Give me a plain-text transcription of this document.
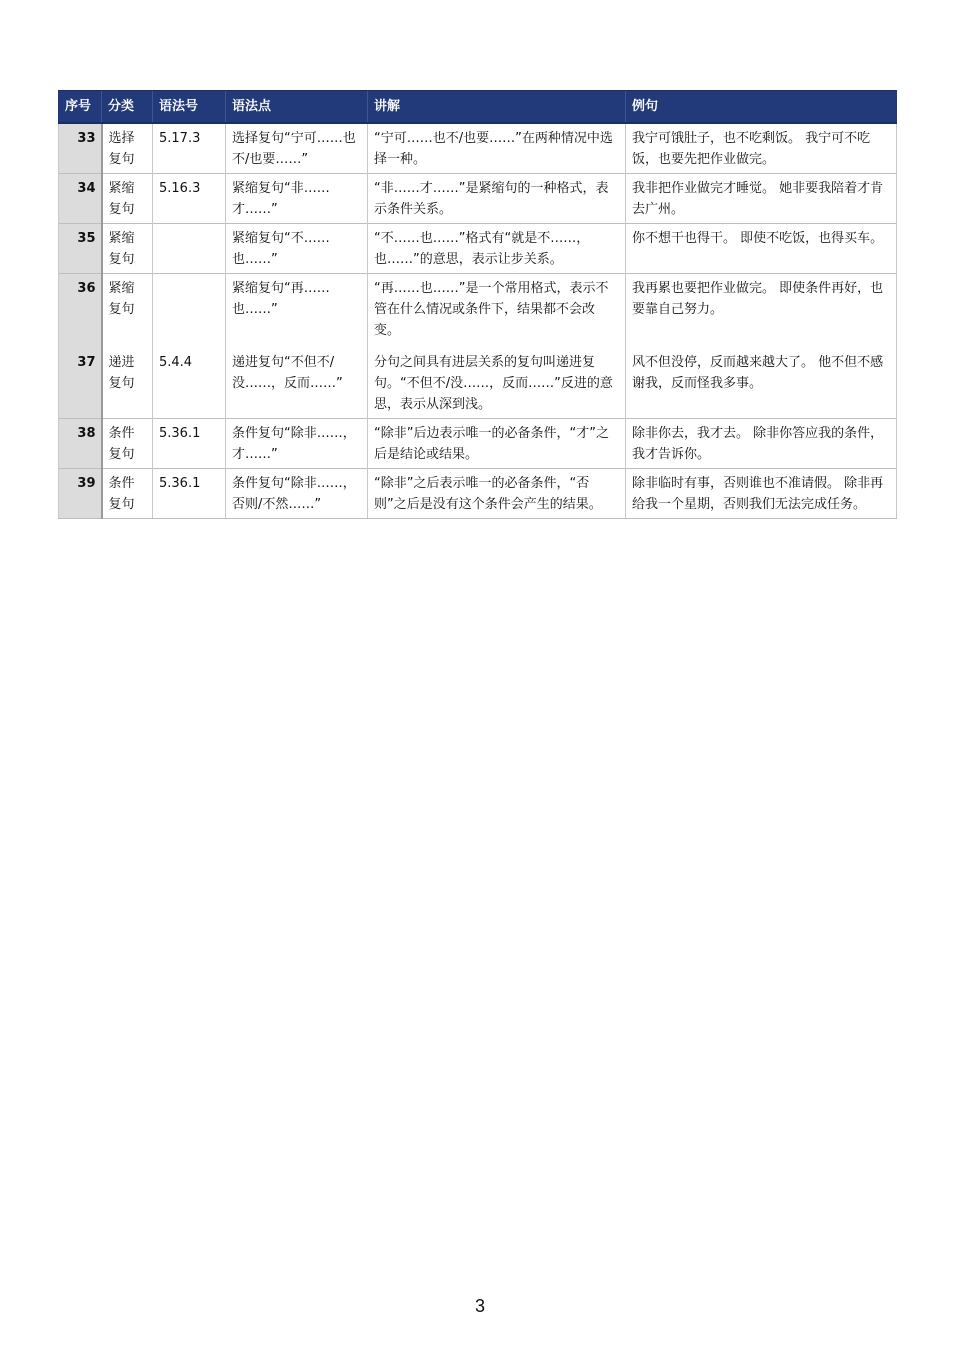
序号	分类	语法号	语法点	讲解	例句
33	选择复句	5.17.3	选择复句“宁可……也不/也要……”	“宁可……也不/也要……”在两种情况中选择一种。	我宁可饿肚子，也不吃剩饭。 我宁可不吃饭，也要先把作业做完。
34	紧缩复句	5.16.3	紧缩复句“非……才……”	“非……才……”是紧缩句的一种格式，表示条件关系。	我非把作业做完才睡觉。 她非要我陪着才肯去广州。
35	紧缩复句		紧缩复句“不……也……”	“不……也……”格式有“就是不……，也……”的意思，表示让步关系。	你不想干也得干。 即使不吃饭，也得买车。
36	紧缩复句		紧缩复句“再……也……”	“再……也……”是一个常用格式，表示不管在什么情况或条件下，结果都不会改变。	我再累也要把作业做完。 即使条件再好，也要靠自己努力。
37	递进复句	5.4.4	递进复句“不但不/没……，反而……”	分句之间具有进层关系的复句叫递进复句。“不但不/没……，反而……”反进的意思，表示从深到浅。	风不但没停，反而越来越大了。 他不但不感谢我，反而怪我多事。
38	条件复句	5.36.1	条件复句“除非……，才……”	“除非”后边表示唯一的必备条件，“才”之后是结论或结果。	除非你去，我才去。 除非你答应我的条件，我才告诉你。
39	条件复句	5.36.1	条件复句“除非……，否则/不然……”	“除非”之后表示唯一的必备条件，“否则”之后是没有这个条件会产生的结果。	除非临时有事，否则谁也不准请假。 除非再给我一个星期，否则我们无法完成任务。
3
